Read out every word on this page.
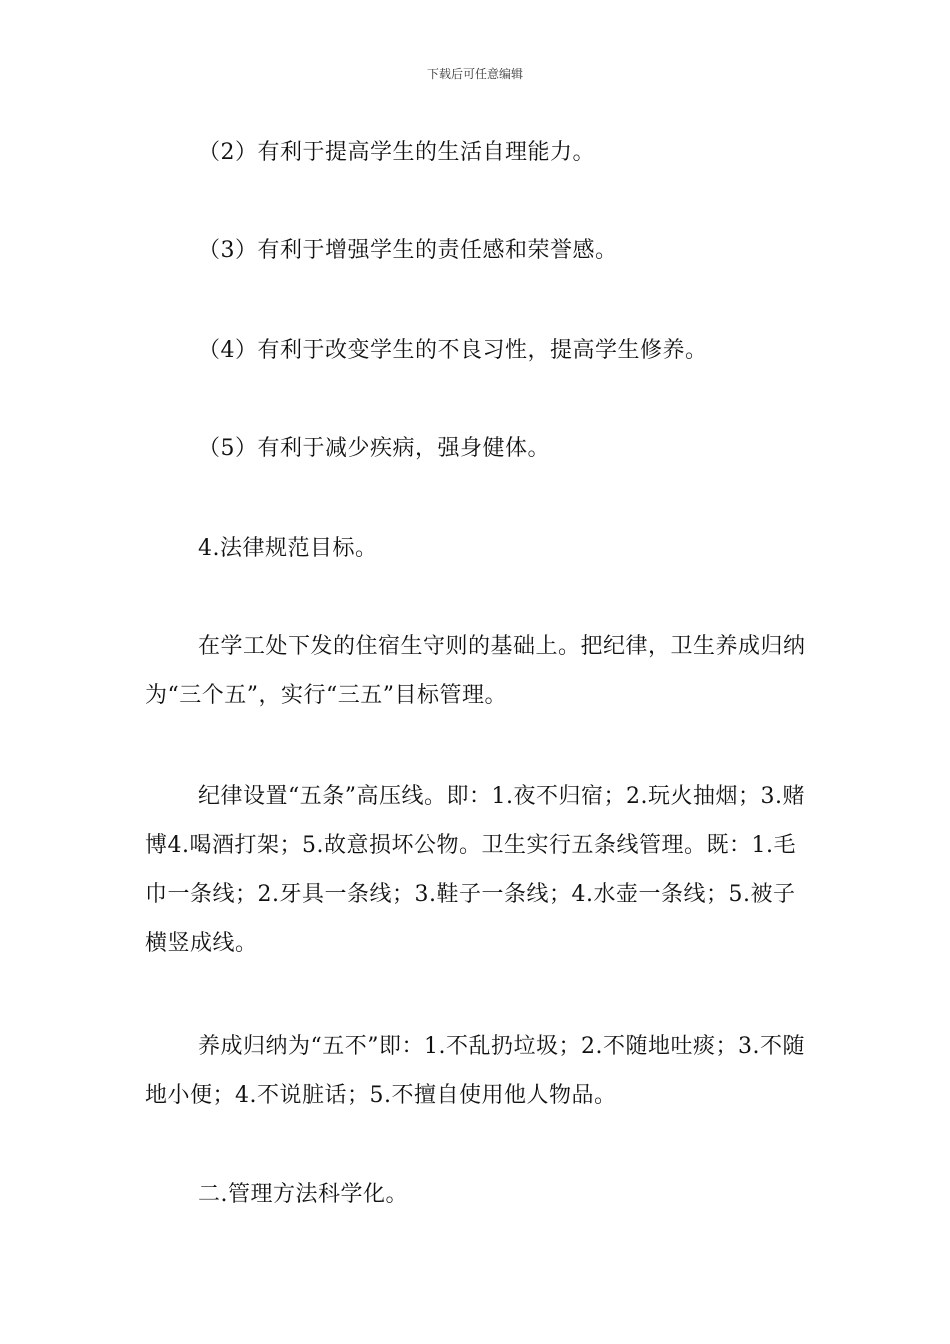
下载后可任意编辑

（2）有利于提高学生的生活自理能力。

（3）有利于增强学生的责任感和荣誉感。

（4）有利于改变学生的不良习性，提高学生修养。

（5）有利于减少疾病，强身健体。

4.法律规范目标。

在学工处下发的住宿生守则的基础上。把纪律，卫生养成归纳为“三个五”，实行“三五”目标管理。

纪律设置“五条”高压线。即：1.夜不归宿；2.玩火抽烟；3.赌博4.喝酒打架；5.故意损坏公物。卫生实行五条线管理。既：1.毛巾一条线；2.牙具一条线；3.鞋子一条线；4.水壶一条线；5.被子横竖成线。

养成归纳为“五不”即：1.不乱扔垃圾；2.不随地吐痰；3.不随地小便；4.不说脏话；5.不擅自使用他人物品。

二.管理方法科学化。
